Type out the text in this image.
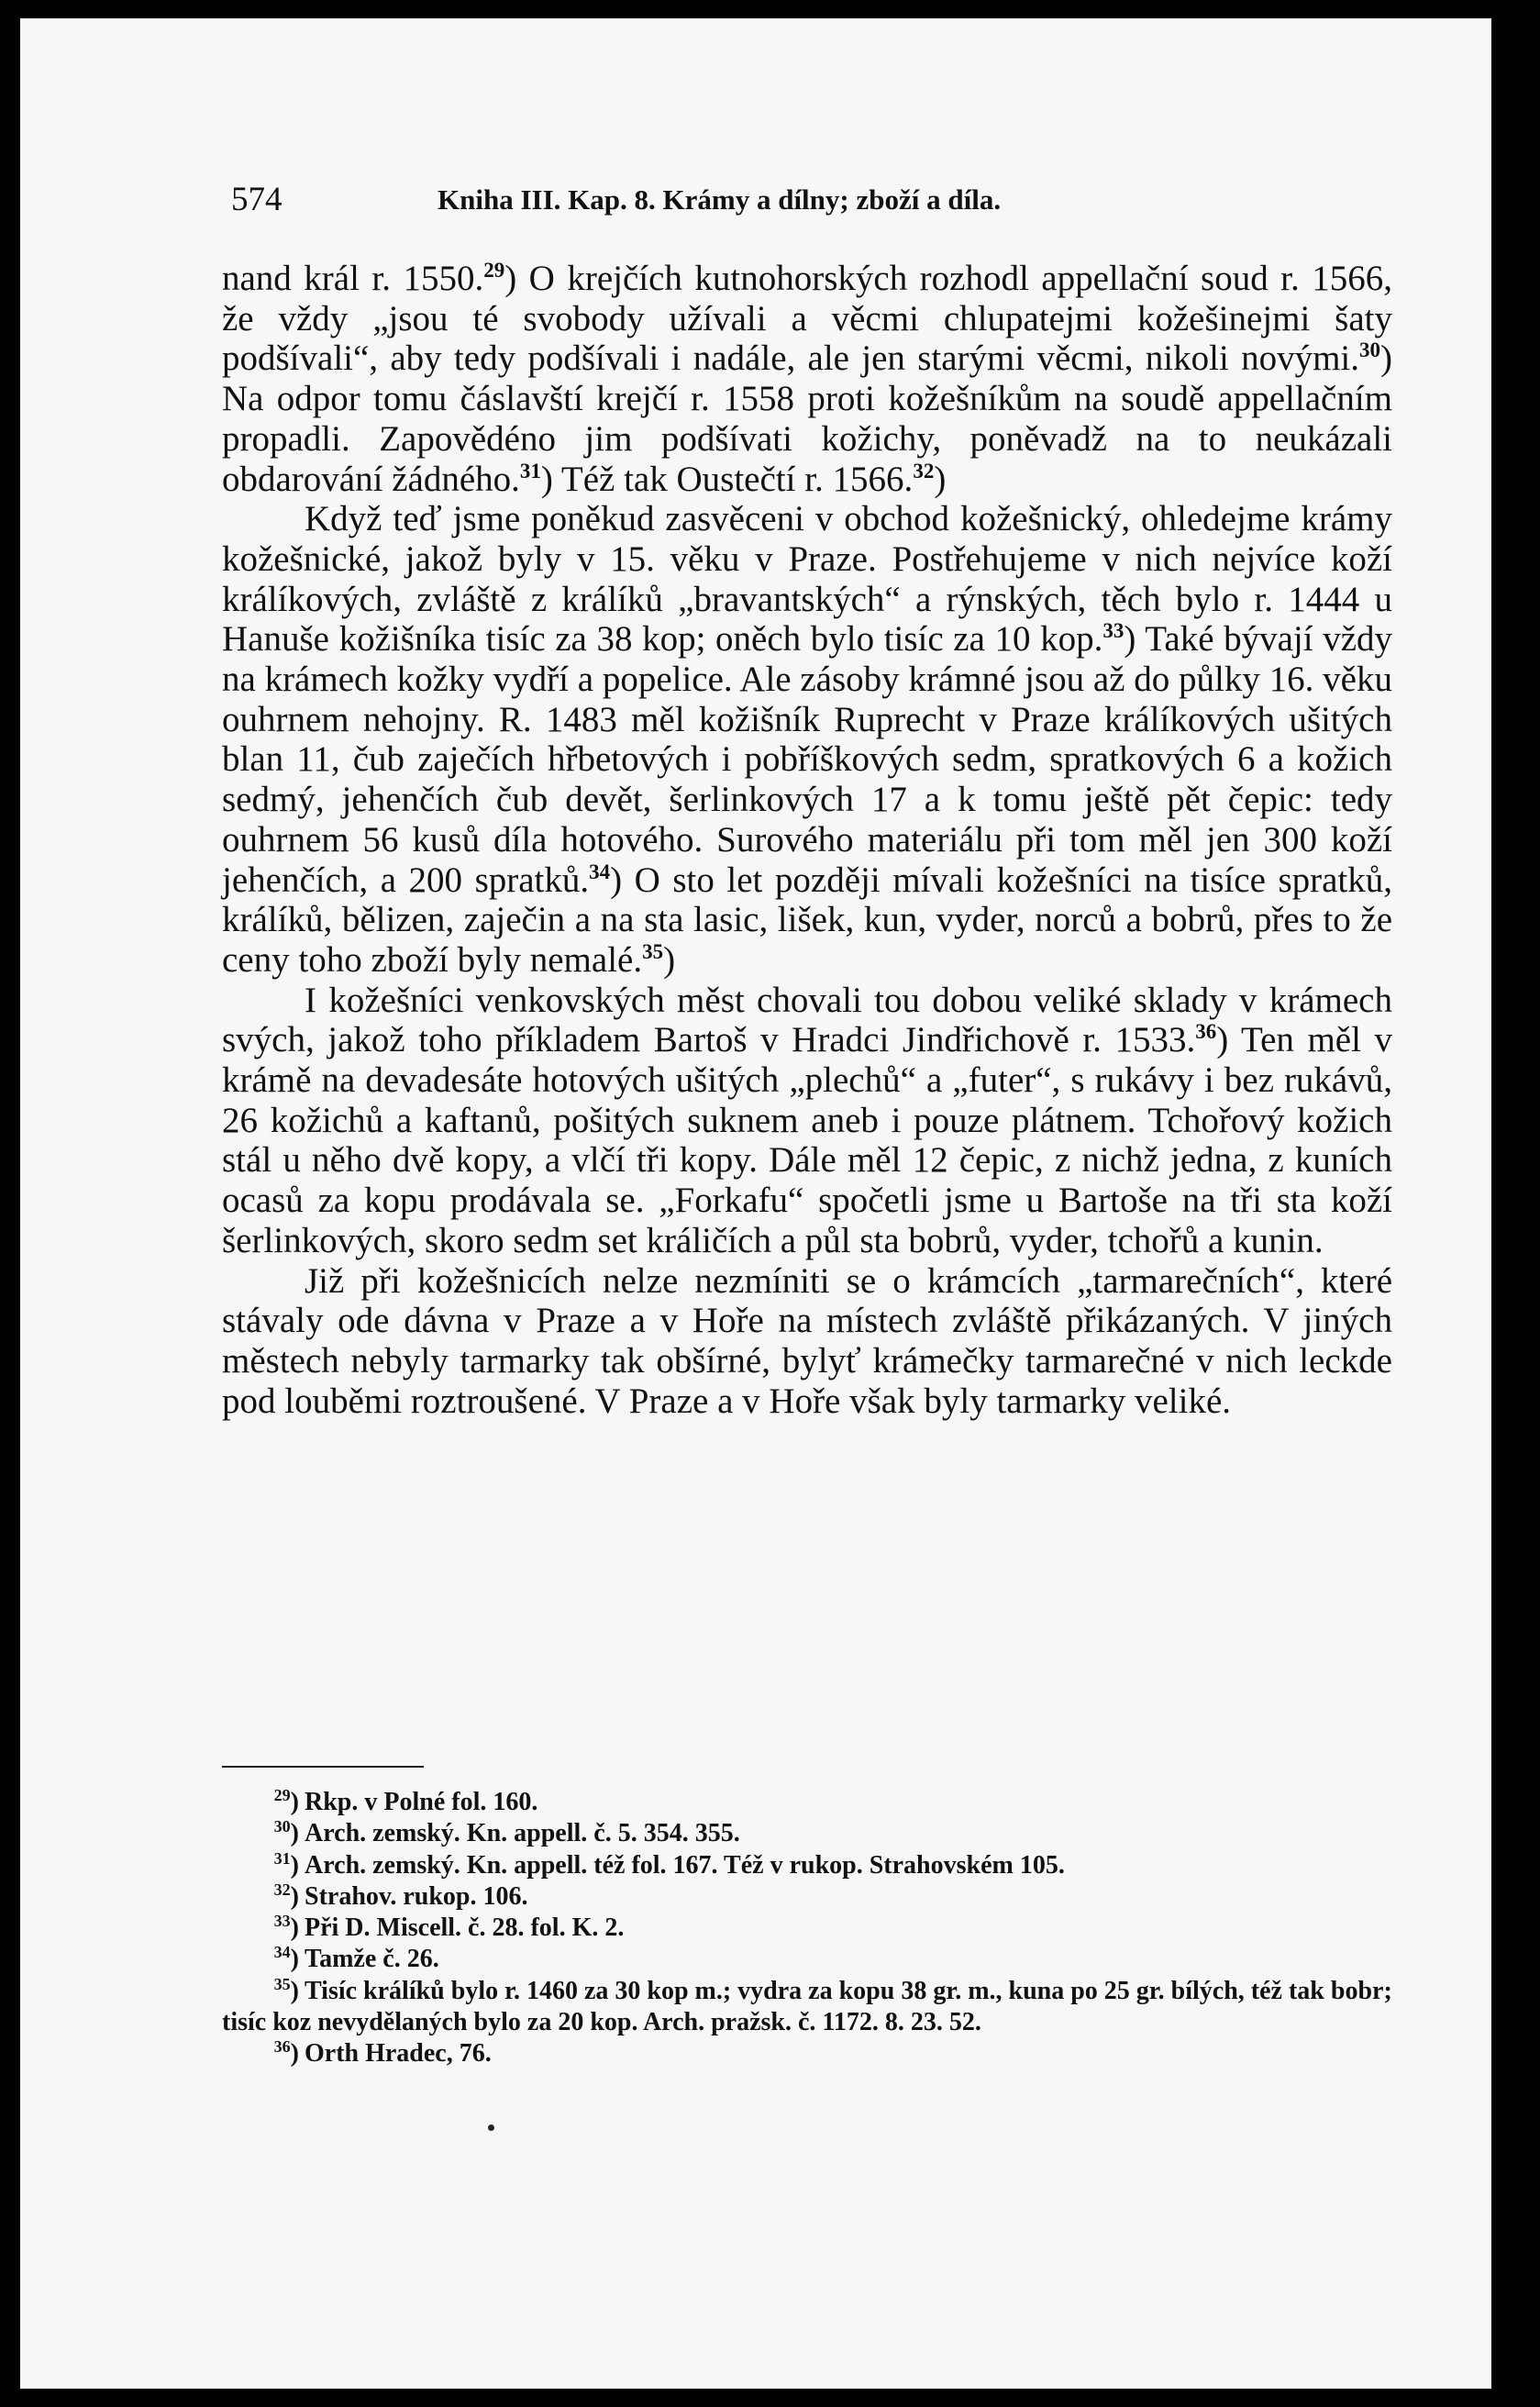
574	Kniha III. Kap. 8. Krámy a dílny; zboží a díla.

nand král r. 1550.29) O krejčích kutnohorských rozhodl appellační soud r. 1566, že vždy „jsou té svobody užívali a věcmi chlupatejmi kožešinejmi šaty podšívali“, aby tedy podšívali i nadále, ale jen starými věcmi, nikoli novými.$^{30}$) Na odpor tomu čáslavští krejčí r. 1558 proti kožešníkům na soudě appellačním propadli. Zapovědéno jim podšívati kožichy, poněvadž na to neukázali obdarování žádného.$^{31}$) Též tak Oustečtí r. 1566.32)

Když teď jsme poněkud zasvěceni v obchod kožešnický, ohledejme krámy kožešnické, jakož byly v 15. věku v Praze. Postřehujeme v nich nejvíce koží králíkových, zvláště z králíků „bravantských“ a rýnských, těch bylo r. 1444 u Hanuše kožišníka tisíc za 38 kop; oněch bylo tisíc za 10 kop.$^{33}$) Také bývají vždy na krámech kožky vydří a popelice. Ale zásoby krámné jsou až do půlky 16. věku ouhrnem nehojny. R. 1483 měl kožišník Ruprecht v Praze králíkových ušitých blan 11, čub zaječích hřbetových i pobříškových sedm, spratkových 6 a kožich sedmý, jehenčích čub devět, šerlinkových 17 a k tomu ještě pět čepic: tedy ouhrnem 56 kusů díla hotového. Surového materiálu při tom měl jen 300 koží jehenčích, a 200 spratků.$^{34}$) O sto let později mívali kožešníci na tisíce spratků, králíků, bělizen, zaječin a na sta lasic, lišek, kun, vyder, norců a bobrů, přes to že ceny toho zboží byly nemalé.$^{35}$)

I kožešníci venkovských měst chovali tou dobou veliké sklady v krámech svých, jakož toho příkladem Bartoš v Hradci Jindřichově r. 1533.36) Ten měl v krámě na devadesáte hotových ušitých „plechů“ a „futer“, s rukávy i bez rukávů, 26 kožichů a kaftanů, pošitých suknem aneb i pouze plátnem. Tchořový kožich stál u něho dvě kopy, a vlčí tři kopy. Dále měl 12 čepic, z nichž jedna, z kuních ocasů za kopu prodávala se. „Forkafu“ spočetli jsme u Bartoše na tři sta koží šerlinkových, skoro sedm set králičích a půl sta bobrů, vyder, tchořů a kunin.

Již při kožešnicích nelze nezmíniti se o krámcích „tarmarečních“, které stávaly ode dávna v Praze a v Hoře na místech zvláště přikázaných. V jiných městech nebyly tarmarky tak obšírné, bylyť krámečky tarmarečné v nich leckde pod louběmi roztroušené. V Praze a v Hoře však byly tarmarky veliké.

$^{29}$) Rkp. v Polné fol. 160.

$^{30}$) Arch. zemský. Kn. appell. č. 5. 354. 355.

$^{31}$) Arch. zemský. Kn. appell. též fol. 167. Též v rukop. Strahovském 105.

$^{32}$) Strahov. rukop. 106.

$^{33}$) Při D. Miscell. č. 28. fol. K. 2.

$^{34}$) Tamže č. 26.

$^{35}$) Tisíc králíků bylo r. 1460 za 30 kop m.; vydra za kopu 38 gr. m., kuna po 25 gr. bílých, též tak bobr; tisíc koz nevydělaných bylo za 20 kop. Arch. pražsk. č. 1172. 8. 23. 52.

$^{36}$) Orth Hradec, 76.
